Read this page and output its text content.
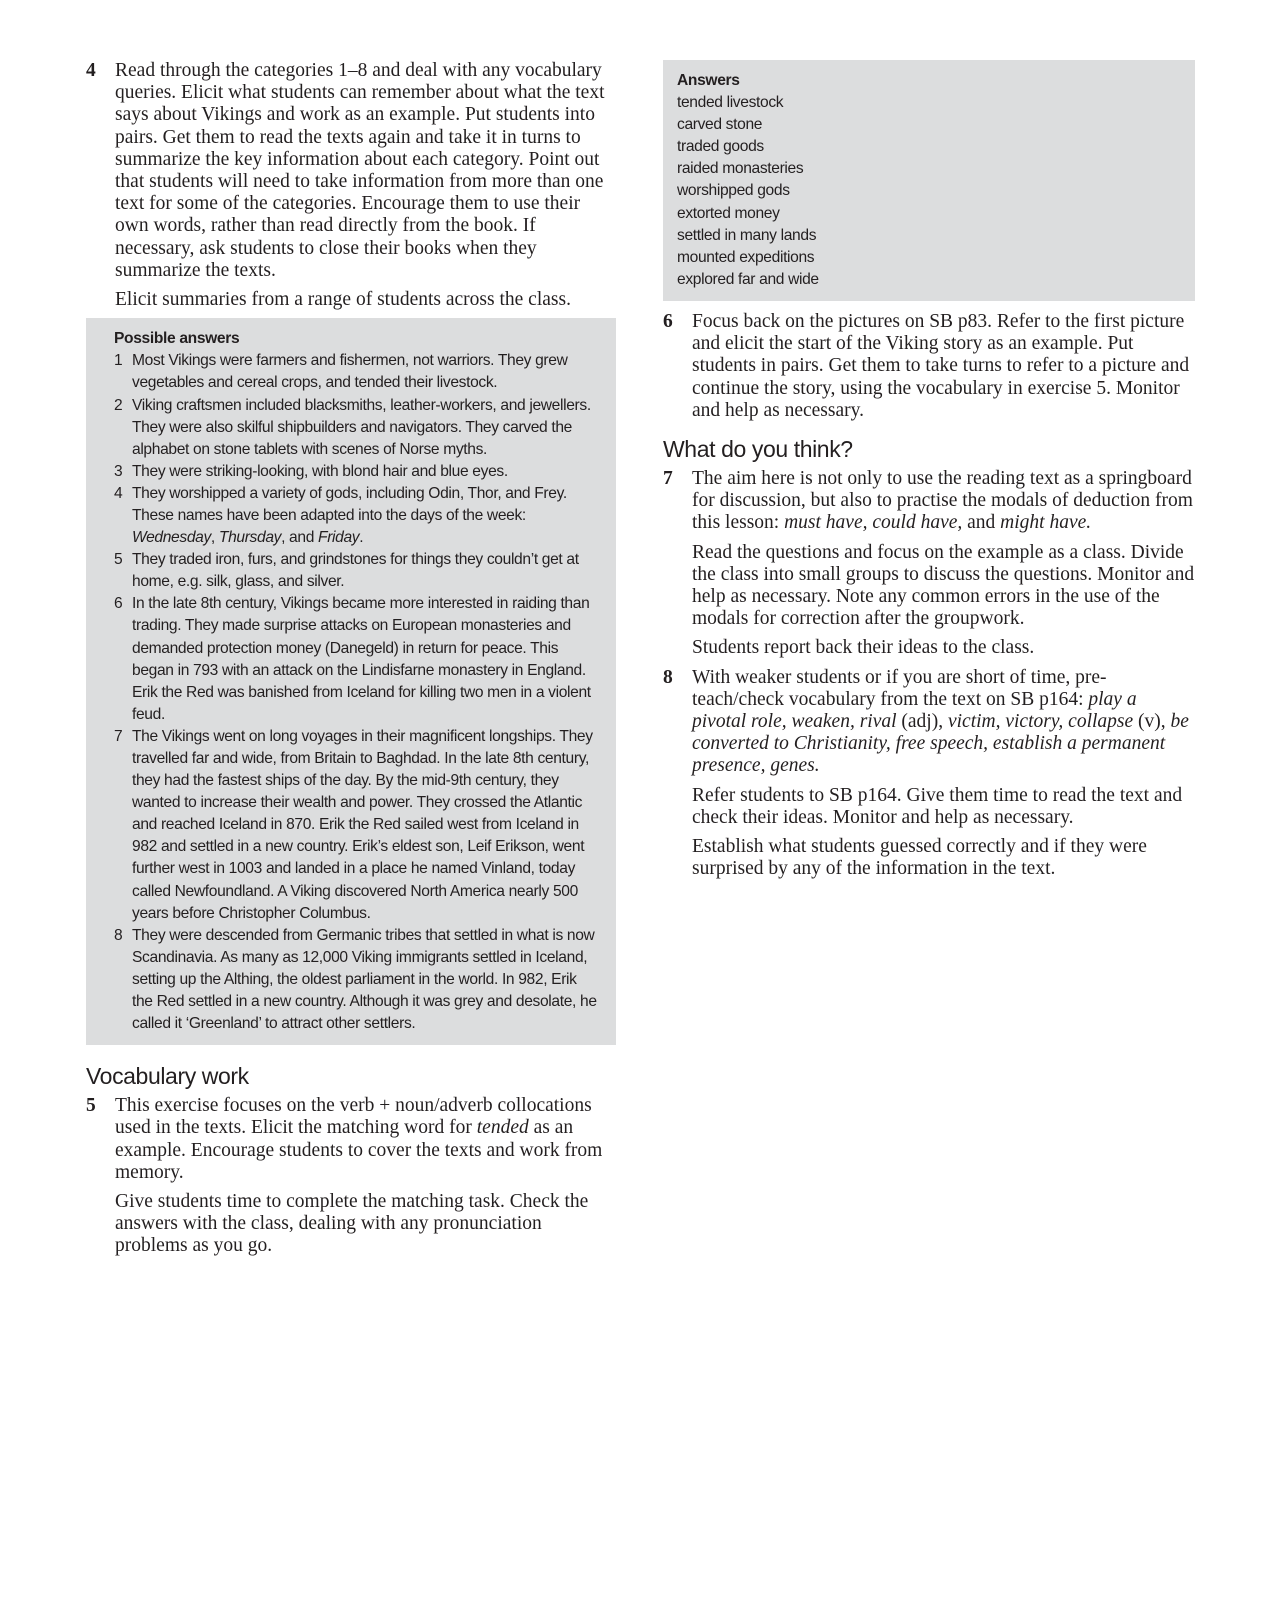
4 Read through the categories 1–8 and deal with any vocabulary queries. Elicit what students can remember about what the text says about Vikings and work as an example. Put students into pairs. Get them to read the texts again and take it in turns to summarize the key information about each category. Point out that students will need to take information from more than one text for some of the categories. Encourage them to use their own words, rather than read directly from the book. If necessary, ask students to close their books when they summarize the texts.

Elicit summaries from a range of students across the class.

Possible answers

1 Most Vikings were farmers and fishermen, not warriors. They grew vegetables and cereal crops, and tended their livestock.
2 Viking craftsmen included blacksmiths, leather-workers, and jewellers. They were also skilful shipbuilders and navigators. They carved the alphabet on stone tablets with scenes of Norse myths.
3 They were striking-looking, with blond hair and blue eyes.
4 They worshipped a variety of gods, including Odin, Thor, and Frey. These names have been adapted into the days of the week: Wednesday, Thursday, and Friday.
5 They traded iron, furs, and grindstones for things they couldn’t get at home, e.g. silk, glass, and silver.
6 In the late 8th century, Vikings became more interested in raiding than trading. They made surprise attacks on European monasteries and demanded protection money (Danegeld) in return for peace. This began in 793 with an attack on the Lindisfarne monastery in England. Erik the Red was banished from Iceland for killing two men in a violent feud.
7 The Vikings went on long voyages in their magnificent longships. They travelled far and wide, from Britain to Baghdad. In the late 8th century, they had the fastest ships of the day. By the mid-9th century, they wanted to increase their wealth and power. They crossed the Atlantic and reached Iceland in 870. Erik the Red sailed west from Iceland in 982 and settled in a new country. Erik’s eldest son, Leif Erikson, went further west in 1003 and landed in a place he named Vinland, today called Newfoundland. A Viking discovered North America nearly 500 years before Christopher Columbus.
8 They were descended from Germanic tribes that settled in what is now Scandinavia. As many as 12,000 Viking immigrants settled in Iceland, setting up the Althing, the oldest parliament in the world. In 982, Erik the Red settled in a new country. Although it was grey and desolate, he called it ‘Greenland’ to attract other settlers.
Vocabulary work
5 This exercise focuses on the verb + noun/adverb collocations used in the texts. Elicit the matching word for tended as an example. Encourage students to cover the texts and work from memory.

Give students time to complete the matching task. Check the answers with the class, dealing with any pronunciation problems as you go.

Answers

tended livestock

carved stone

traded goods

raided monasteries

worshipped gods

extorted money

settled in many lands

mounted expeditions

explored far and wide

6 Focus back on the pictures on SB p83. Refer to the first picture and elicit the start of the Viking story as an example. Put students in pairs. Get them to take turns to refer to a picture and continue the story, using the vocabulary in exercise 5. Monitor and help as necessary.

What do you think?
7 The aim here is not only to use the reading text as a springboard for discussion, but also to practise the modals of deduction from this lesson: must have, could have, and might have.

Read the questions and focus on the example as a class. Divide the class into small groups to discuss the questions. Monitor and help as necessary. Note any common errors in the use of the modals for correction after the groupwork.

Students report back their ideas to the class.

8 With weaker students or if you are short of time, pre-teach/check vocabulary from the text on SB p164: play a pivotal role, weaken, rival (adj), victim, victory, collapse (v), be converted to Christianity, free speech, establish a permanent presence, genes.

Refer students to SB p164. Give them time to read the text and check their ideas. Monitor and help as necessary.

Establish what students guessed correctly and if they were surprised by any of the information in the text.
